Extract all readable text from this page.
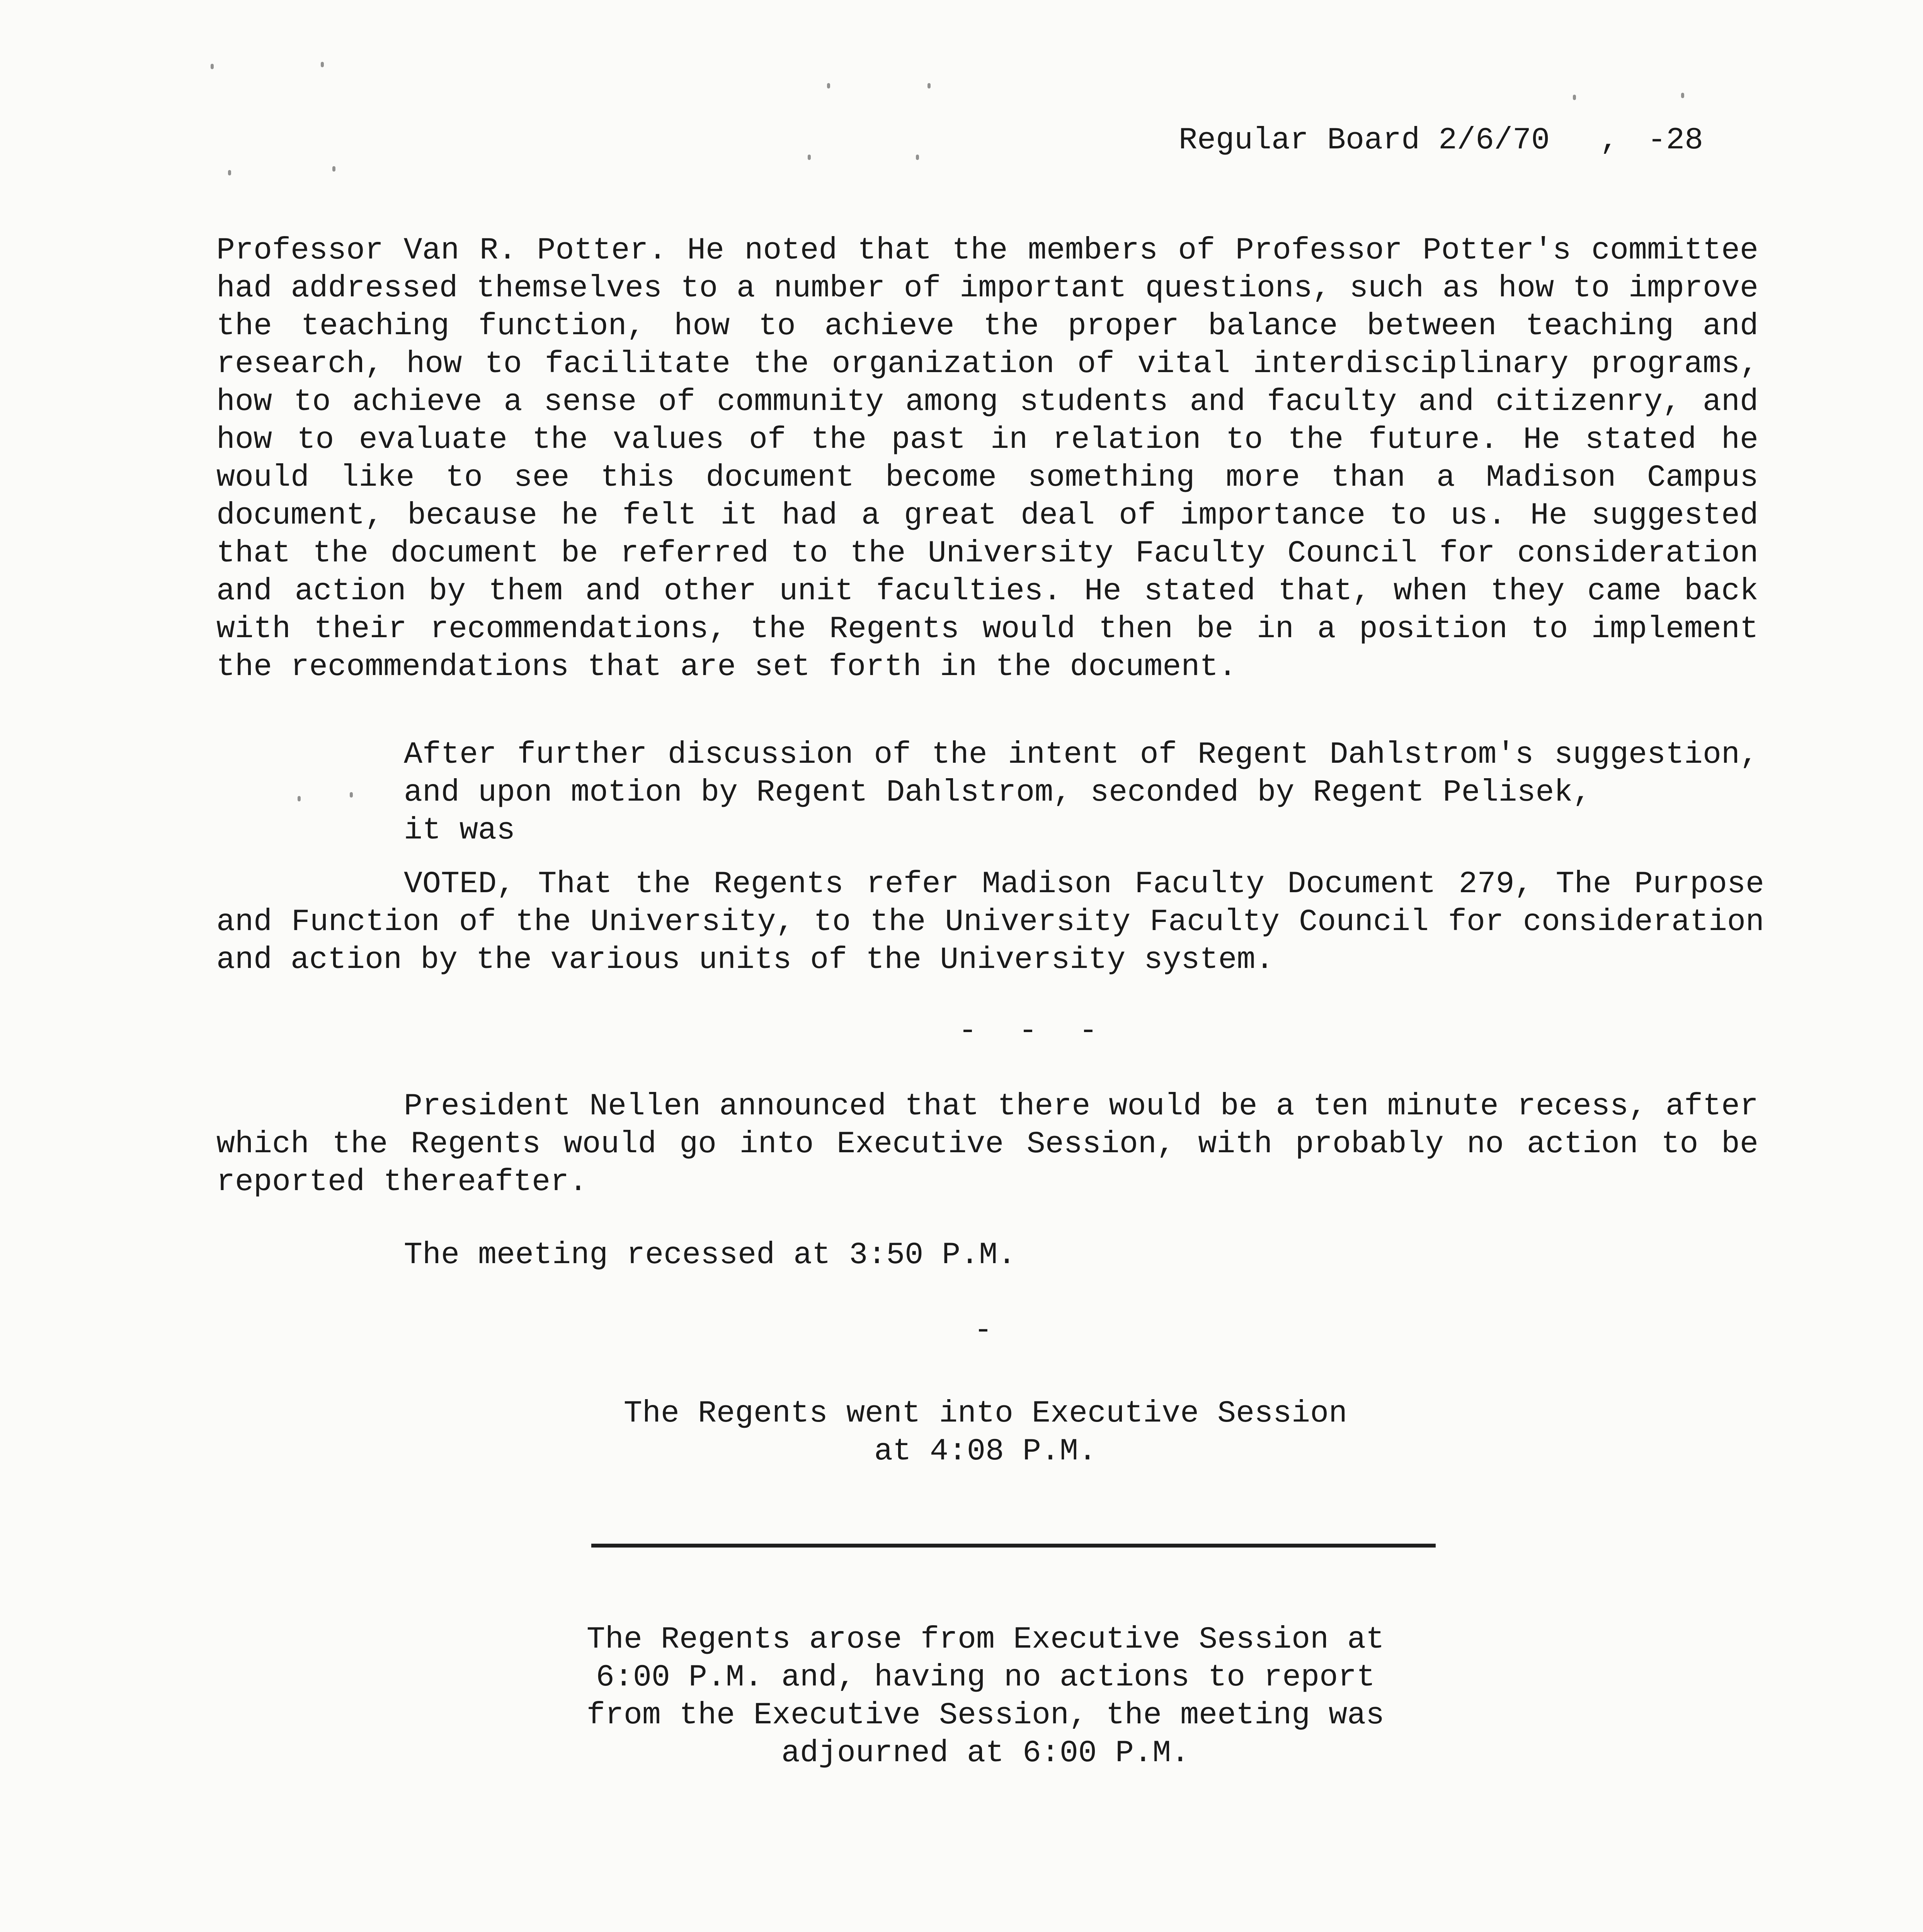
Regular Board 2/6/70 , -28
Professor Van R. Potter. He noted that the members of Professor Potter's committee had addressed themselves to a number of important questions, such as how to improve the teaching function, how to achieve the proper balance between teaching and research, how to facilitate the organization of vital interdisciplinary programs, how to achieve a sense of community among students and faculty and citizenry, and how to evaluate the values of the past in relation to the future. He stated he would like to see this document become something more than a Madison Campus document, because he felt it had a great deal of importance to us. He suggested that the document be referred to the University Faculty Council for consideration and action by them and other unit faculties. He stated that, when they came back with their recommendations, the Regents would then be in a position to implement the recommendations that are set forth in the document.
After further discussion of the intent of Regent Dahlstrom's suggestion, and upon motion by Regent Dahlstrom, seconded by Regent Pelisek,
it was
VOTED, That the Regents refer Madison Faculty Document 279, The Purpose and Function of the University, to the University Faculty Council for consideration and action by the various units of the University system.
- - -
President Nellen announced that there would be a ten minute recess, after which the Regents would go into Executive Session, with probably no action to be reported thereafter.
The meeting recessed at 3:50 P.M.
-
The Regents went into Executive Session
at 4:08 P.M.
The Regents arose from Executive Session at
6:00 P.M. and, having no actions to report
from the Executive Session, the meeting was
adjourned at 6:00 P.M.
